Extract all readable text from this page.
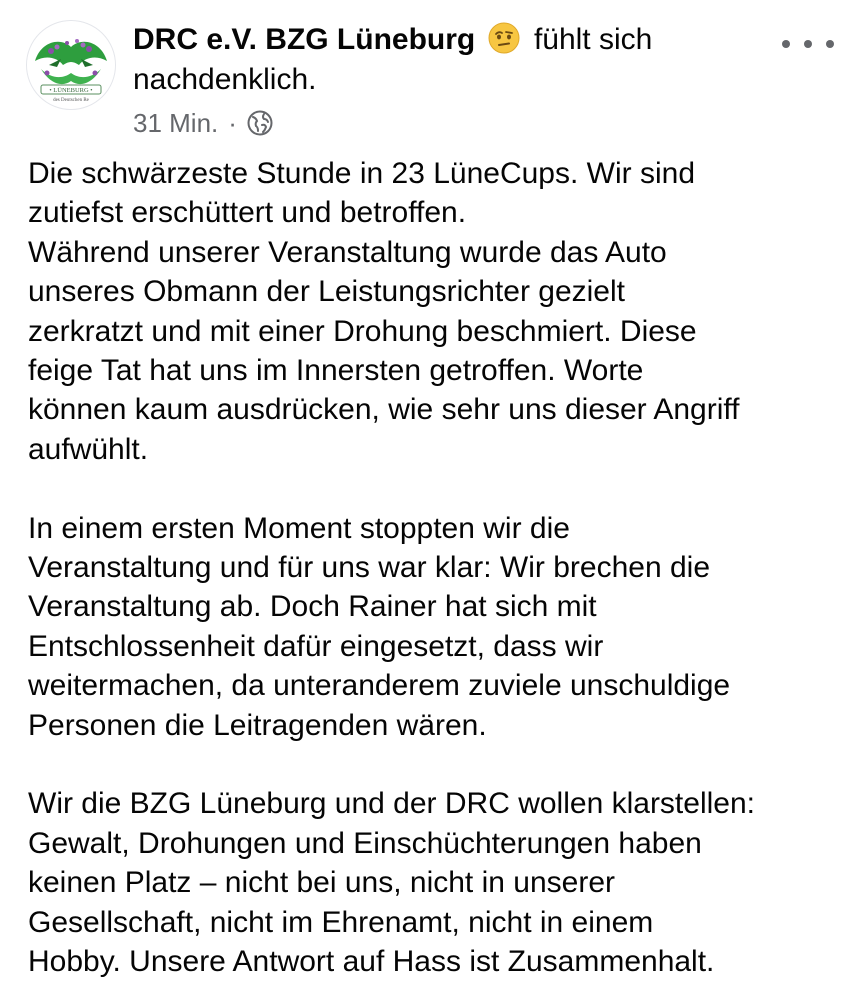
• LÜNEBURG •
des Deutschen Re
DRC e.V. BZG Lüneburg fühlt sich nachdenklich.
31 Min. ·

Die schwärzeste Stunde in 23 LüneCups. Wir sind
zutiefst erschüttert und betroffen.
Während unserer Veranstaltung wurde das Auto
unseres Obmann der Leistungsrichter gezielt
zerkratzt und mit einer Drohung beschmiert. Diese
feige Tat hat uns im Innersten getroffen. Worte
können kaum ausdrücken, wie sehr uns dieser Angriff
aufwühlt.

In einem ersten Moment stoppten wir die
Veranstaltung und für uns war klar: Wir brechen die
Veranstaltung ab. Doch Rainer hat sich mit
Entschlossenheit dafür eingesetzt, dass wir
weitermachen, da unteranderem zuviele unschuldige
Personen die Leitragenden wären.

Wir die BZG Lüneburg und der DRC wollen klarstellen:
Gewalt, Drohungen und Einschüchterungen haben
keinen Platz – nicht bei uns, nicht in unserer
Gesellschaft, nicht im Ehrenamt, nicht in einem
Hobby. Unsere Antwort auf Hass ist Zusammenhalt.
